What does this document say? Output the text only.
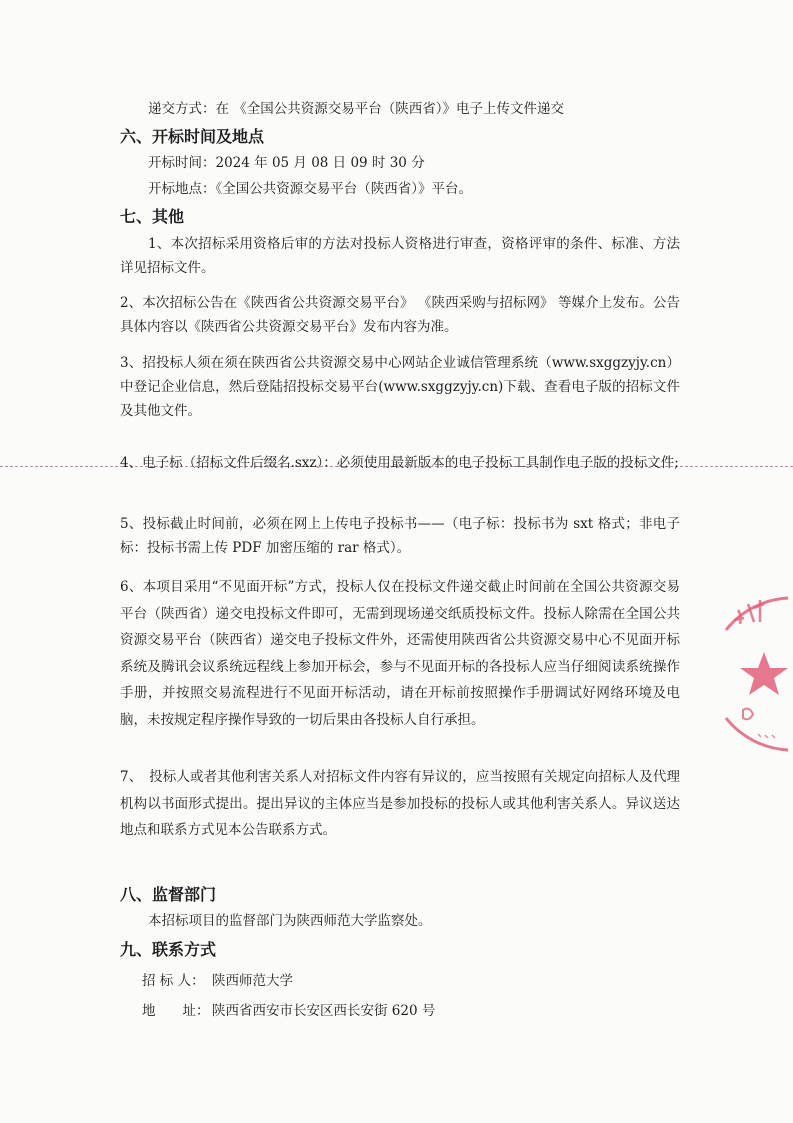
递交方式：在 《全国公共资源交易平台（陕西省）》电子上传文件递交
六、开标时间及地点
开标时间：2024 年 05 月 08 日 09 时 30 分
开标地点：《全国公共资源交易平台（陕西省）》平台。
七、其他
1、本次招标采用资格后审的方法对投标人资格进行审查，资格评审的条件、标准、方法详见招标文件。
2、本次招标公告在《陕西省公共资源交易平台》 《陕西采购与招标网》 等媒介上发布。公告具体内容以《陕西省公共资源交易平台》发布内容为准。
3、招投标人须在须在陕西省公共资源交易中心网站企业诚信管理系统（www.sxggzyjy.cn）中登记企业信息，然后登陆招投标交易平台(www.sxggzyjy.cn)下载、查看电子版的招标文件及其他文件。
4、电子标（招标文件后缀名.sxz）：必须使用最新版本的电子投标工具制作电子版的投标文件;
5、投标截止时间前，必须在网上上传电子投标书——（电子标：投标书为 sxt 格式；非电子标：投标书需上传 PDF 加密压缩的 rar 格式）。
6、本项目采用“不见面开标”方式，投标人仅在投标文件递交截止时间前在全国公共资源交易平台（陕西省）递交电投标文件即可，无需到现场递交纸质投标文件。投标人除需在全国公共资源交易平台（陕西省）递交电子投标文件外，还需使用陕西省公共资源交易中心不见面开标系统及腾讯会议系统远程线上参加开标会，参与不见面开标的各投标人应当仔细阅读系统操作手册，并按照交易流程进行不见面开标活动，请在开标前按照操作手册调试好网络环境及电脑，未按规定程序操作导致的一切后果由各投标人自行承担。
7、　投标人或者其他利害关系人对招标文件内容有异议的，应当按照有关规定向招标人及代理机构以书面形式提出。提出异议的主体应当是参加投标的投标人或其他利害关系人。异议送达地点和联系方式见本公告联系方式。
八、监督部门
本招标项目的监督部门为陕西师范大学监察处。
九、联系方式
招 标 人： 陕西师范大学
地　　址： 陕西省西安市长安区西长安街 620 号
